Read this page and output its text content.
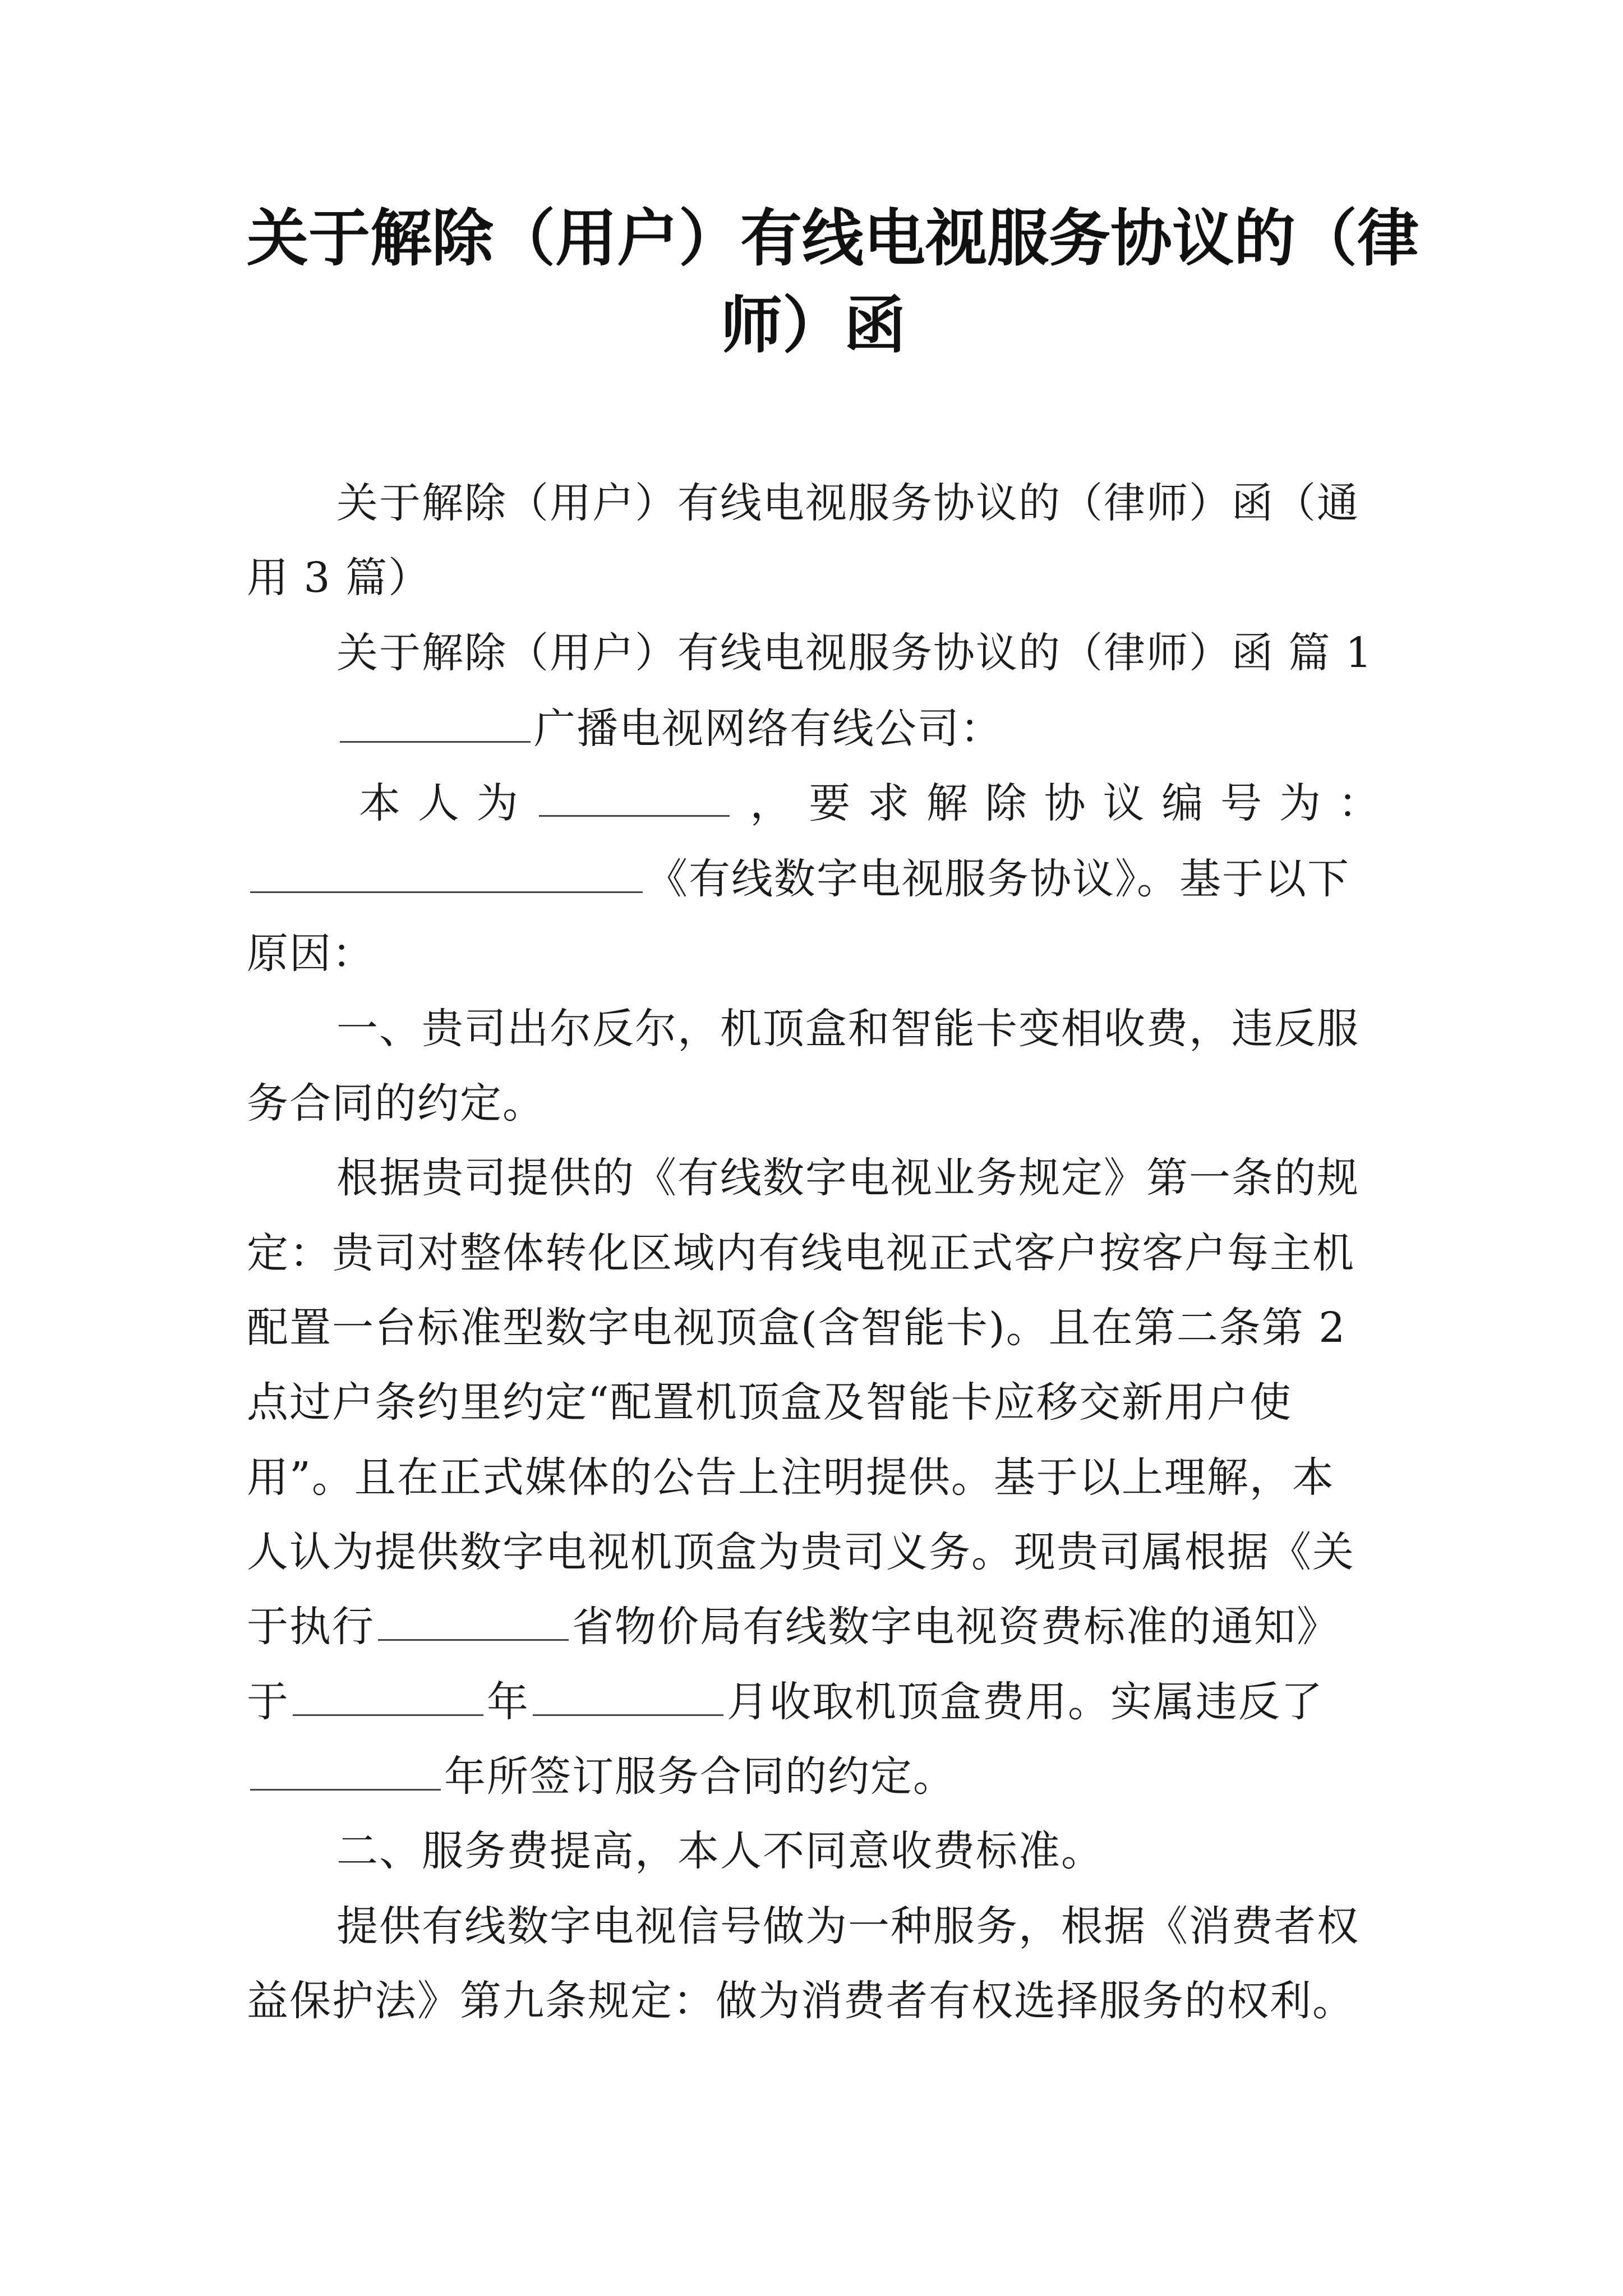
关于解除（用户）有线电视服务协议的（律
师）函

关于解除（用户）有线电视服务协议的（律师）函（通

用 3 篇）

关于解除（用户）有线电视服务协议的（律师）函 篇 1

广播电视网络有线公司：

本 人 为	， 要 求 解 除 协 议 编 号 为 ：

《有线数字电视服务协议》。基于以下

原因：

一、贵司出尔反尔，机顶盒和智能卡变相收费，违反服

务合同的约定。

根据贵司提供的《有线数字电视业务规定》第一条的规

定：贵司对整体转化区域内有线电视正式客户按客户每主机

配置一台标准型数字电视顶盒(含智能卡)。且在第二条第 2

点过户条约里约定“配置机顶盒及智能卡应移交新用户使

用”。且在正式媒体的公告上注明提供。基于以上理解，本

人认为提供数字电视机顶盒为贵司义务。现贵司属根据《关

于执行	省物价局有线数字电视资费标准的通知》

于	年	月收取机顶盒费用。实属违反了

年所签订服务合同的约定。

二、服务费提高，本人不同意收费标准。

提供有线数字电视信号做为一种服务，根据《消费者权

益保护法》第九条规定：做为消费者有权选择服务的权利。
